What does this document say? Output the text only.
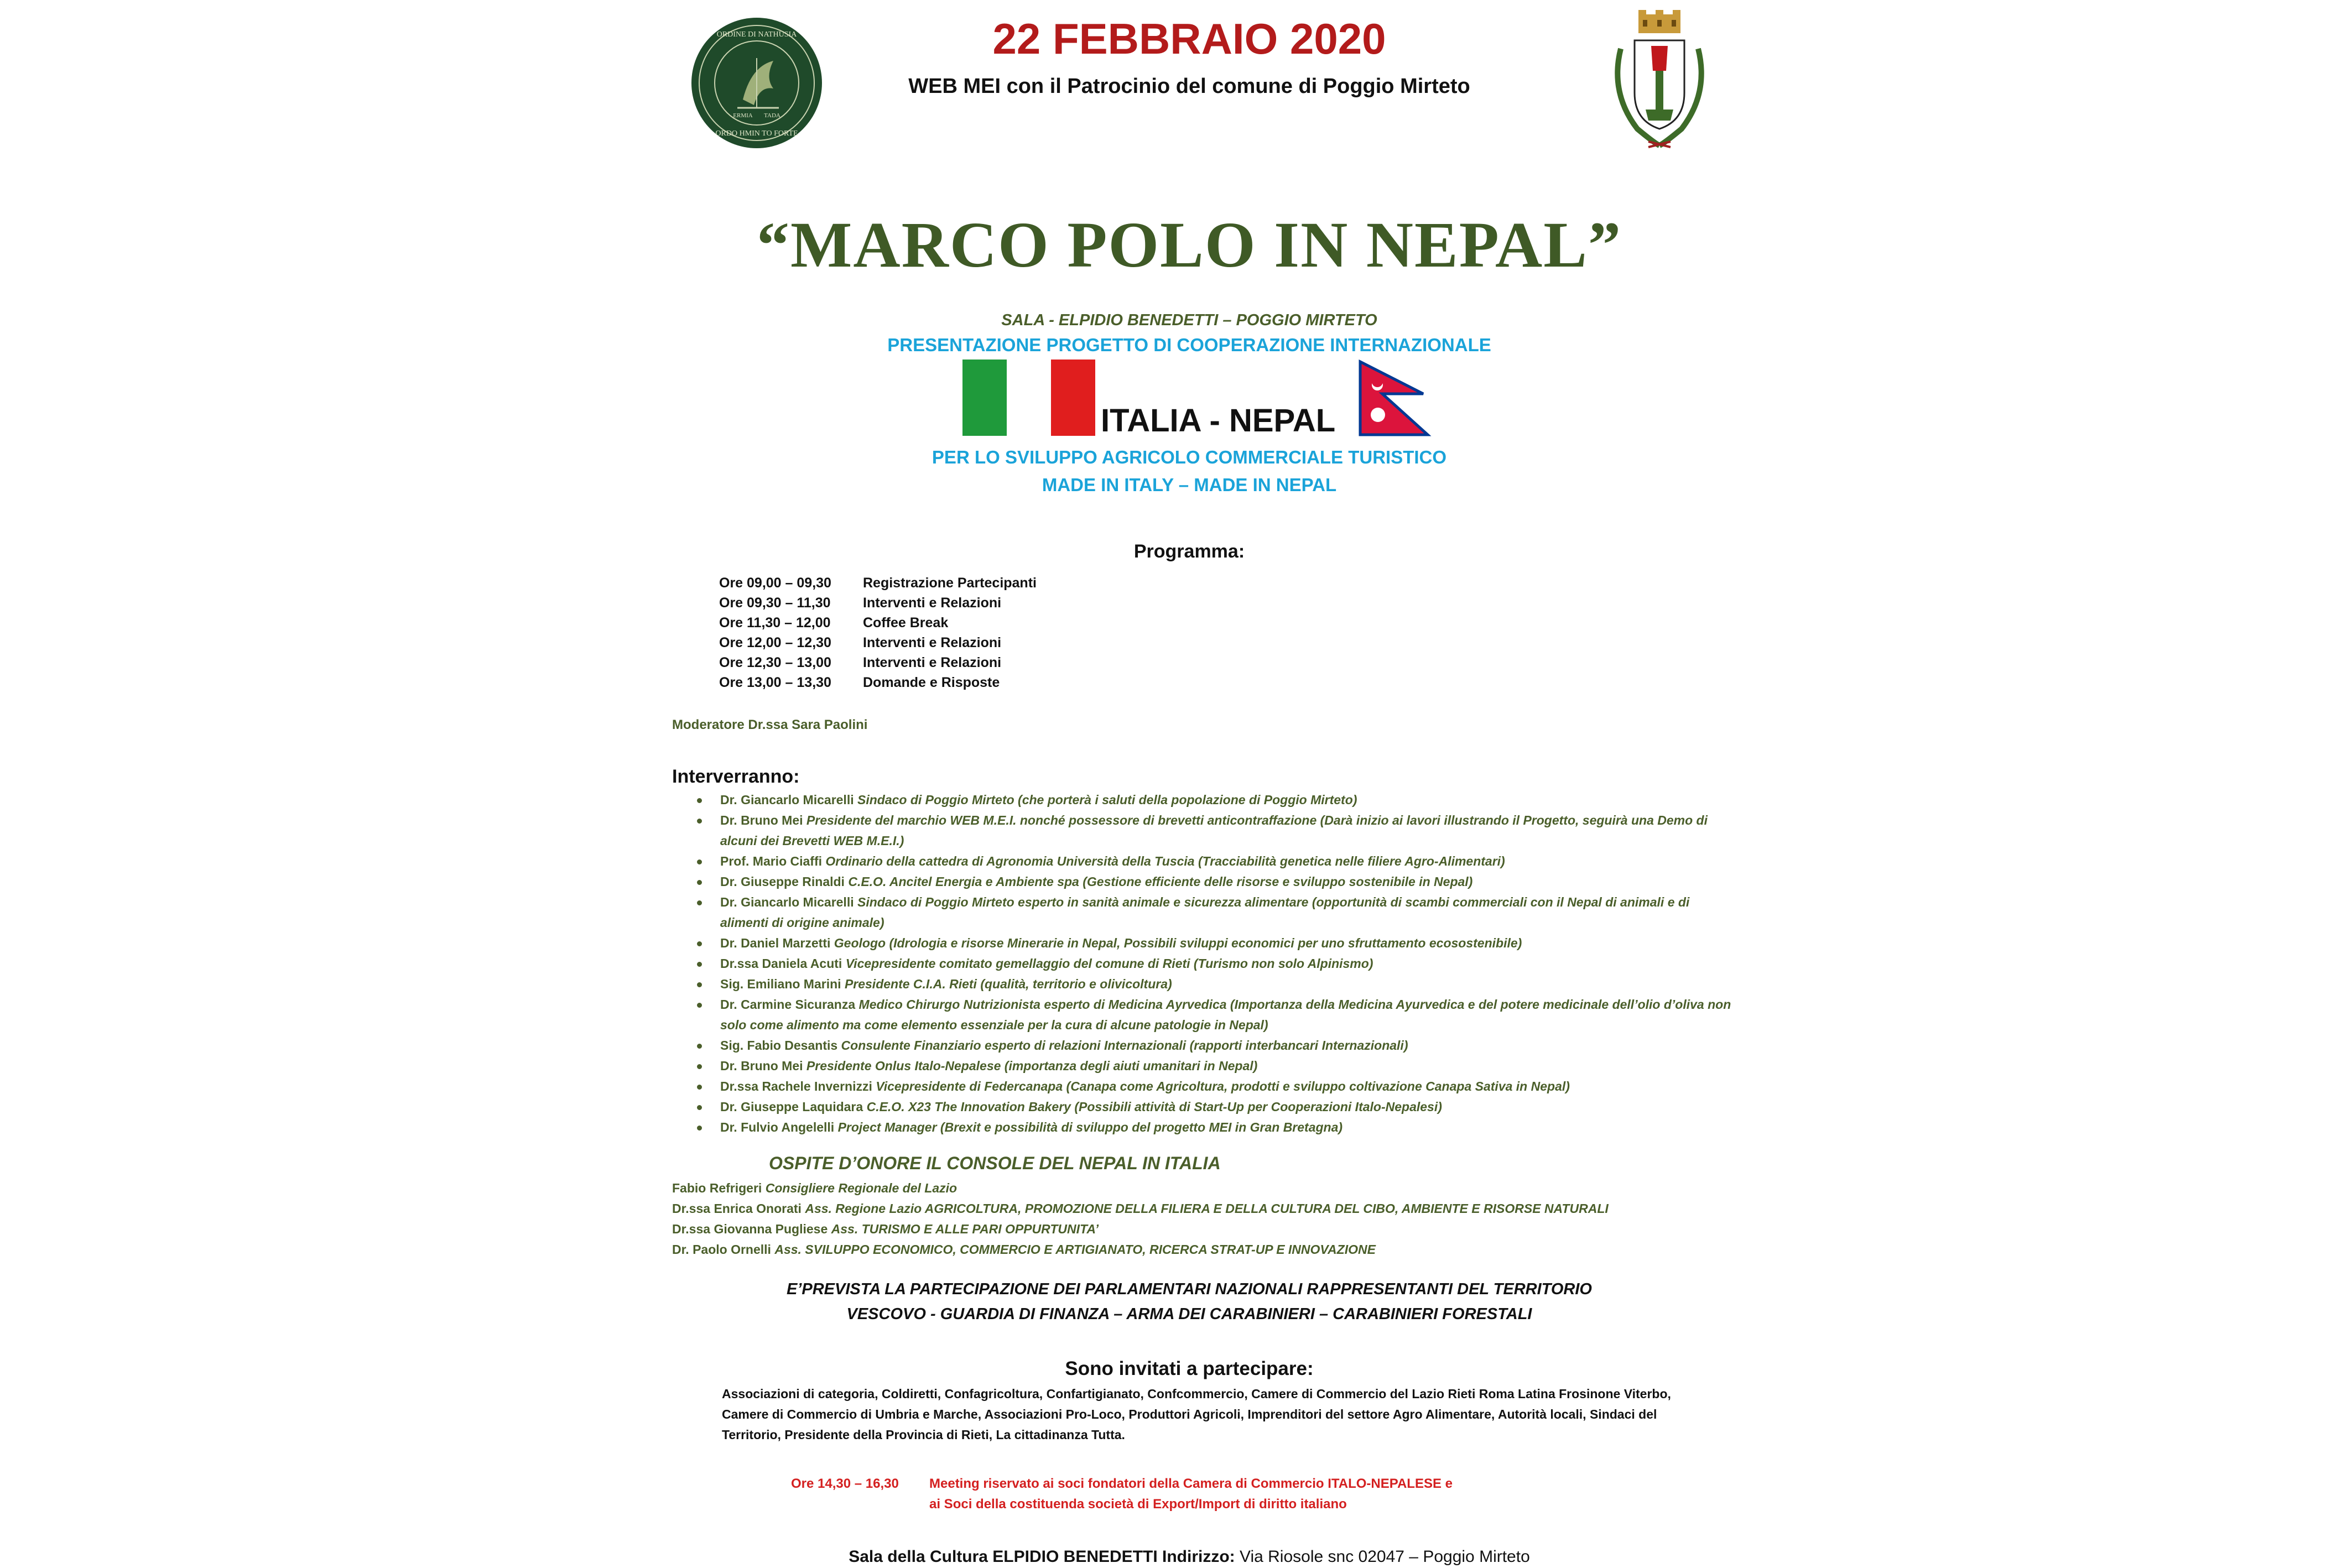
ORDINE DI NATHUSIA
ORDO HMIN TO FORTE
ERMIA TADA
22 FEBBRAIO 2020
WEB MEI con il Patrocinio del comune di Poggio Mirteto
“MARCO POLO IN NEPAL”
SALA - ELPIDIO BENEDETTI – POGGIO MIRTETO
PRESENTAZIONE PROGETTO DI COOPERAZIONE INTERNAZIONALE
ITALIA - NEPAL
PER LO SVILUPPO AGRICOLO COMMERCIALE TURISTICO
MADE IN ITALY – MADE IN NEPAL
Programma:
Ore 09,00 – 09,30	Registrazione Partecipanti
Ore 09,30 – 11,30	Interventi e Relazioni
Ore 11,30 – 12,00	Coffee Break
Ore 12,00 – 12,30	Interventi e Relazioni
Ore 12,30 – 13,00	Interventi e Relazioni
Ore 13,00 – 13,30	Domande e Risposte
Moderatore Dr.ssa Sara Paolini
Interverranno:
Dr. Giancarlo Micarelli Sindaco di Poggio Mirteto (che porterà i saluti della popolazione di Poggio Mirteto)
Dr. Bruno Mei Presidente del marchio WEB M.E.I. nonché possessore di brevetti anticontraffazione (Darà inizio ai lavori illustrando il Progetto, seguirà una Demo di alcuni dei Brevetti WEB M.E.I.)
Prof. Mario Ciaffi Ordinario della cattedra di Agronomia Università della Tuscia (Tracciabilità genetica nelle filiere Agro-Alimentari)
Dr. Giuseppe Rinaldi C.E.O. Ancitel Energia e Ambiente spa (Gestione efficiente delle risorse e sviluppo sostenibile in Nepal)
Dr. Giancarlo Micarelli Sindaco di Poggio Mirteto esperto in sanità animale e sicurezza alimentare (opportunità di scambi commerciali con il Nepal di animali e di alimenti di origine animale)
Dr. Daniel Marzetti Geologo (Idrologia e risorse Minerarie in Nepal, Possibili sviluppi economici per uno sfruttamento ecosostenibile)
Dr.ssa Daniela Acuti Vicepresidente comitato gemellaggio del comune di Rieti (Turismo non solo Alpinismo)
Sig. Emiliano Marini Presidente C.I.A. Rieti (qualità, territorio e olivicoltura)
Dr. Carmine Sicuranza Medico Chirurgo Nutrizionista esperto di Medicina Ayrvedica (Importanza della Medicina Ayurvedica e del potere medicinale dell’olio d’oliva non solo come alimento ma come elemento essenziale per la cura di alcune patologie in Nepal)
Sig. Fabio Desantis Consulente Finanziario esperto di relazioni Internazionali (rapporti interbancari Internazionali)
Dr. Bruno Mei Presidente Onlus Italo-Nepalese (importanza degli aiuti umanitari in Nepal)
Dr.ssa Rachele Invernizzi Vicepresidente di Federcanapa (Canapa come Agricoltura, prodotti e sviluppo coltivazione Canapa Sativa in Nepal)
Dr. Giuseppe Laquidara C.E.O. X23 The Innovation Bakery (Possibili attività di Start-Up per Cooperazioni Italo-Nepalesi)
Dr. Fulvio Angelelli Project Manager (Brexit e possibilità di sviluppo del progetto MEI in Gran Bretagna)
OSPITE D’ONORE IL CONSOLE DEL NEPAL IN ITALIA
Fabio Refrigeri Consigliere Regionale del Lazio
Dr.ssa Enrica Onorati Ass. Regione Lazio AGRICOLTURA, PROMOZIONE DELLA FILIERA E DELLA CULTURA DEL CIBO, AMBIENTE E RISORSE NATURALI
Dr.ssa Giovanna Pugliese Ass. TURISMO E ALLE PARI OPPURTUNITA’
Dr. Paolo Ornelli Ass. SVILUPPO ECONOMICO, COMMERCIO E ARTIGIANATO, RICERCA STRAT-UP E INNOVAZIONE
E’PREVISTA LA PARTECIPAZIONE DEI PARLAMENTARI NAZIONALI RAPPRESENTANTI DEL TERRITORIO
VESCOVO - GUARDIA DI FINANZA – ARMA DEI CARABINIERI – CARABINIERI FORESTALI
Sono invitati a partecipare:
Associazioni di categoria, Coldiretti, Confagricoltura, Confartigianato, Confcommercio, Camere di Commercio del Lazio Rieti Roma Latina Frosinone Viterbo, Camere di Commercio di Umbria e Marche, Associazioni Pro-Loco, Produttori Agricoli, Imprenditori del settore Agro Alimentare, Autorità locali, Sindaci del Territorio, Presidente della Provincia di Rieti, La cittadinanza Tutta.
Ore 14,30 – 16,30 Meeting riservato ai soci fondatori della Camera di Commercio ITALO-NEPALESE e
ai Soci della costituenda società di Export/Import di diritto italiano
Sala della Cultura ELPIDIO BENEDETTI Indirizzo: Via Riosole snc 02047 – Poggio Mirteto
